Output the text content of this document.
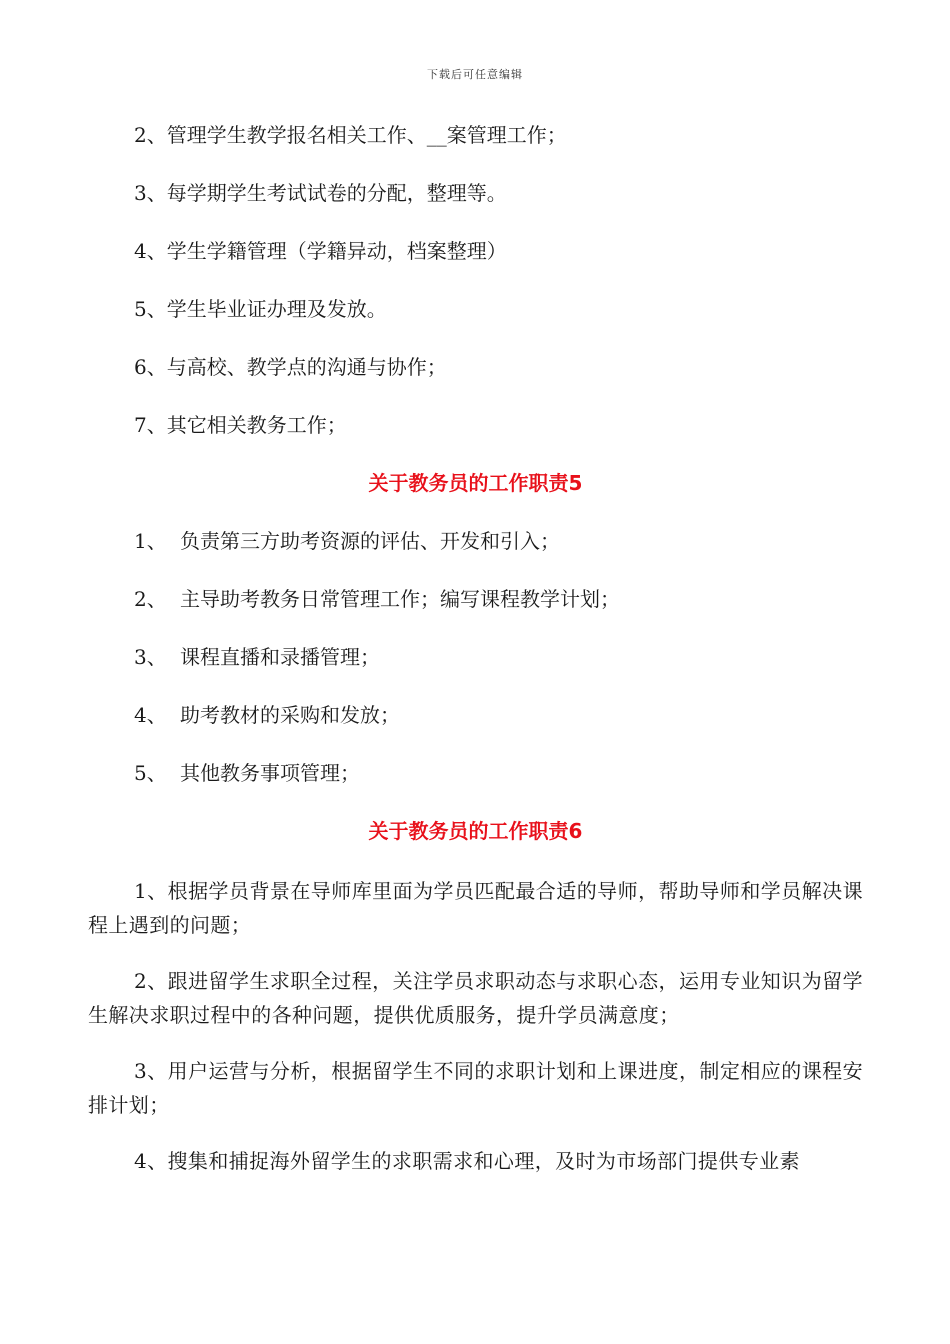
下载后可任意编辑

2、管理学生教学报名相关工作、__案管理工作；

3、每学期学生考试试卷的分配，整理等。

4、学生学籍管理（学籍异动，档案整理）

5、学生毕业证办理及发放。

6、与高校、教学点的沟通与协作；

7、其它相关教务工作；

关于教务员的工作职责5

1、 负责第三方助考资源的评估、开发和引入；

2、 主导助考教务日常管理工作；编写课程教学计划；

3、 课程直播和录播管理；

4、 助考教材的采购和发放；

5、 其他教务事项管理；

关于教务员的工作职责6

1、根据学员背景在导师库里面为学员匹配最合适的导师，帮助导师和学员解决课程上遇到的问题；

2、跟进留学生求职全过程，关注学员求职动态与求职心态，运用专业知识为留学生解决求职过程中的各种问题，提供优质服务，提升学员满意度；

3、用户运营与分析，根据留学生不同的求职计划和上课进度，制定相应的课程安排计划；

4、搜集和捕捉海外留学生的求职需求和心理，及时为市场部门提供专业素
